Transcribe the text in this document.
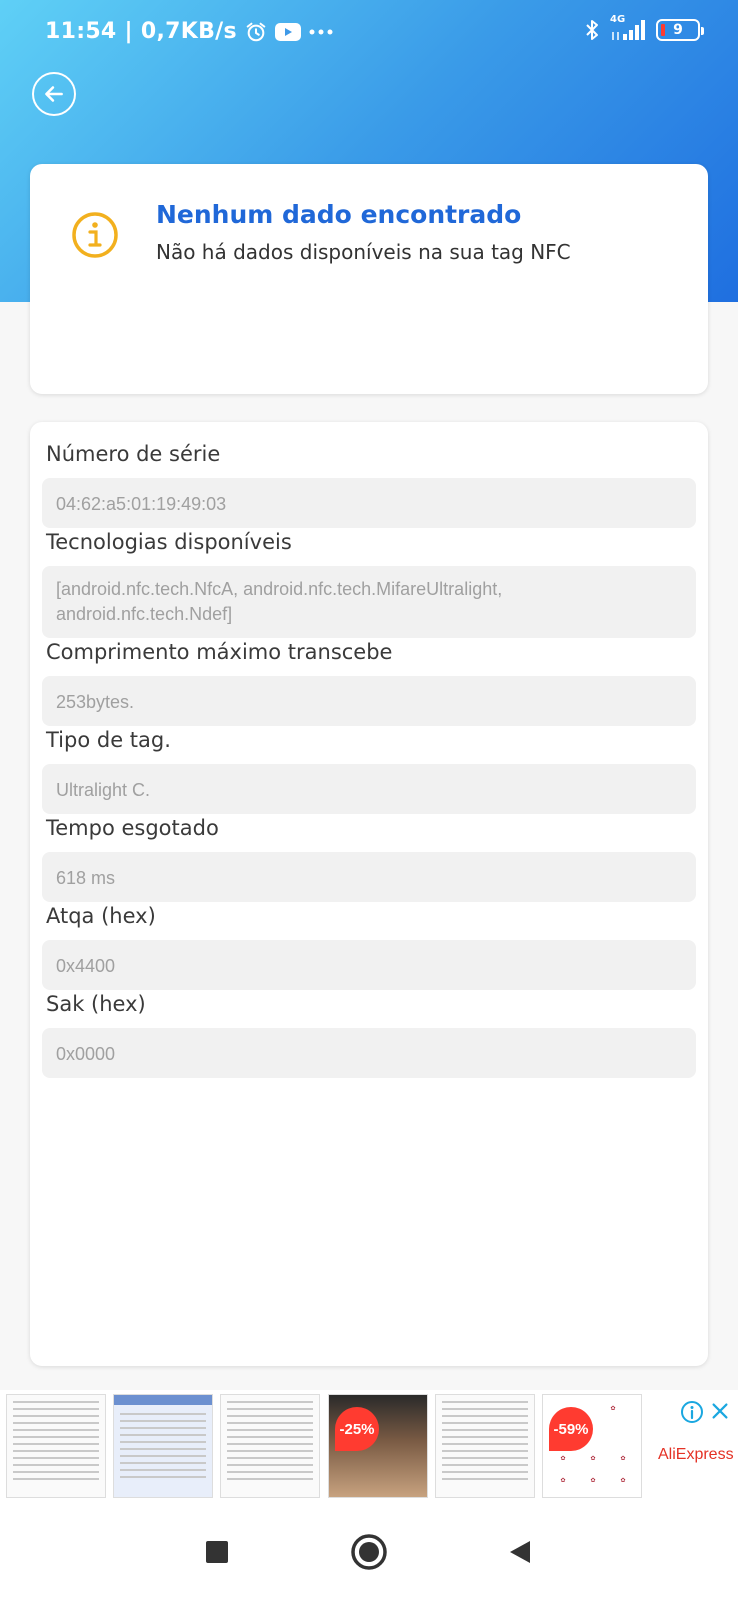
11:54 | 0,7KB/s	4G
9
Nenhum dado encontrado
Não há dados disponíveis na sua tag NFC
Número de série
04:62:a5:01:19:49:03
Tecnologias disponíveis
[android.nfc.tech.NfcA, android.nfc.tech.MifareUltralight, android.nfc.tech.Ndef]
Comprimento máximo transcebe
253bytes.
Tipo de tag.
Ultralight C.
Tempo esgotado
618 ms
Atqa (hex)
0x4400
Sak (hex)
0x0000
-25%	-59%
✿
✿	✿	✿
✿	✿	✿
AliExpress
